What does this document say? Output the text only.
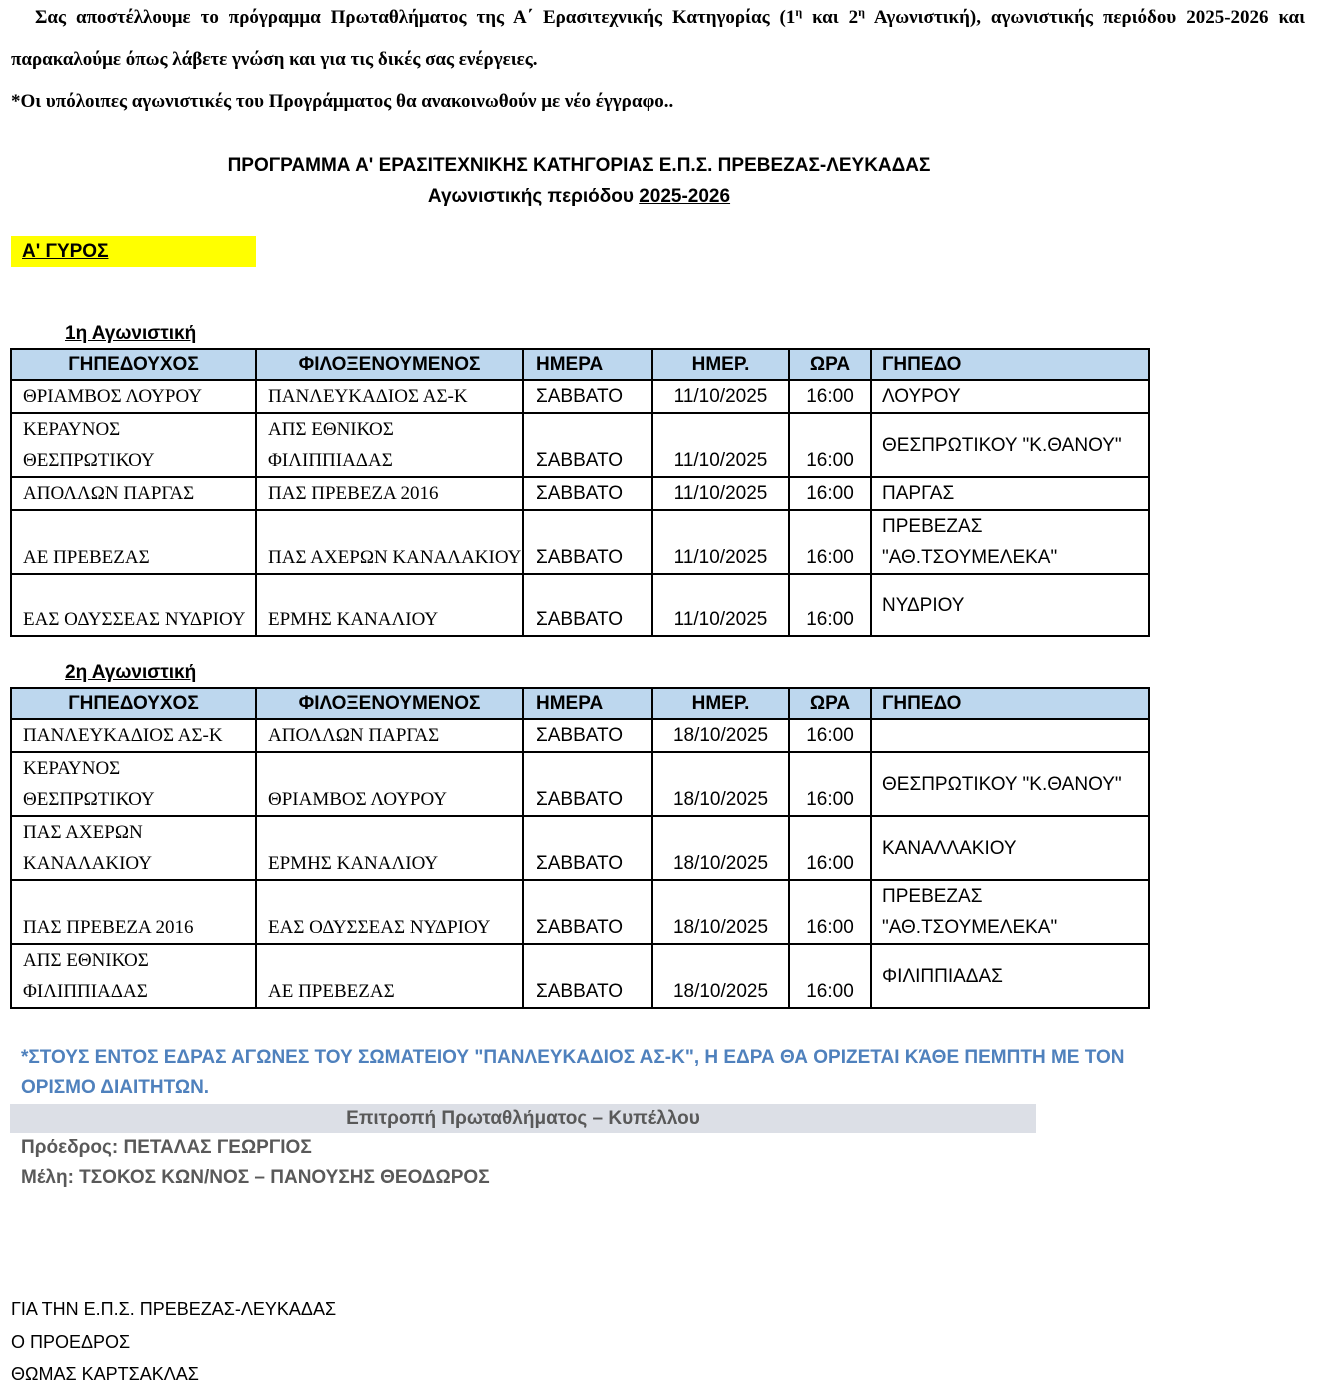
Σας αποστέλλουμε το πρόγραμμα Πρωταθλήματος της Α΄ Ερασιτεχνικής Κατηγορίας ($1^\eta$ και $2^\eta$ Αγωνιστική), αγωνιστικής περιόδου 2025-2026 και παρακαλούμε όπως λάβετε γνώση και για τις δικές σας ενέργειες.

*Οι υπόλοιπες αγωνιστικές του Προγράμματος θα ανακοινωθούν με νέο έγγραφο..

ΠΡΟΓΡΑΜΜΑ Α' ΕΡΑΣΙΤΕΧΝΙΚΗΣ ΚΑΤΗΓΟΡΙΑΣ Ε.Π.Σ. ΠΡΕΒΕΖΑΣ-ΛΕΥΚΑΔΑΣ
Αγωνιστικής περιόδου 2025-2026
Α' ΓΥΡΟΣ
1η Αγωνιστική
ΓΗΠΕΔΟΥΧΟΣ	ΦΙΛΟΞΕΝΟΥΜΕΝΟΣ	ΗΜΕΡΑ	ΗΜΕΡ.	ΩΡΑ	ΓΗΠΕΔΟ
ΘΡΙΑΜΒΟΣ ΛΟΥΡΟΥ	ΠΑΝΛΕΥΚΑΔΙΟΣ ΑΣ-Κ	ΣΑΒΒΑΤΟ	11/10/2025	16:00	ΛΟΥΡΟΥ
ΚΕΡΑΥΝΟΣ ΘΕΣΠΡΩΤΙΚΟΥ	ΑΠΣ ΕΘΝΙΚΟΣ ΦΙΛΙΠΠΙΑΔΑΣ	ΣΑΒΒΑΤΟ	11/10/2025	16:00	ΘΕΣΠΡΩΤΙΚΟΥ "Κ.ΘΑΝΟΥ"
ΑΠΟΛΛΩΝ ΠΑΡΓΑΣ	ΠΑΣ ΠΡΕΒΕΖΑ 2016	ΣΑΒΒΑΤΟ	11/10/2025	16:00	ΠΑΡΓΑΣ
ΑΕ ΠΡΕΒΕΖΑΣ	ΠΑΣ ΑΧΕΡΩΝ ΚΑΝΑΛΑΚΙΟΥ	ΣΑΒΒΑΤΟ	11/10/2025	16:00	ΠΡΕΒΕΖΑΣ "ΑΘ.ΤΣΟΥΜΕΛΕΚΑ"
ΕΑΣ ΟΔΥΣΣΕΑΣ ΝΥΔΡΙΟΥ	ΕΡΜΗΣ ΚΑΝΑΛΙΟΥ	ΣΑΒΒΑΤΟ	11/10/2025	16:00	ΝΥΔΡΙΟΥ
2η Αγωνιστική
ΓΗΠΕΔΟΥΧΟΣ	ΦΙΛΟΞΕΝΟΥΜΕΝΟΣ	ΗΜΕΡΑ	ΗΜΕΡ.	ΩΡΑ	ΓΗΠΕΔΟ
ΠΑΝΛΕΥΚΑΔΙΟΣ ΑΣ-Κ	ΑΠΟΛΛΩΝ ΠΑΡΓΑΣ	ΣΑΒΒΑΤΟ	18/10/2025	16:00	
ΚΕΡΑΥΝΟΣ ΘΕΣΠΡΩΤΙΚΟΥ	ΘΡΙΑΜΒΟΣ ΛΟΥΡΟΥ	ΣΑΒΒΑΤΟ	18/10/2025	16:00	ΘΕΣΠΡΩΤΙΚΟΥ "Κ.ΘΑΝΟΥ"
ΠΑΣ ΑΧΕΡΩΝ ΚΑΝΑΛΑΚΙΟΥ	ΕΡΜΗΣ ΚΑΝΑΛΙΟΥ	ΣΑΒΒΑΤΟ	18/10/2025	16:00	ΚΑΝΑΛΛΑΚΙΟΥ
ΠΑΣ ΠΡΕΒΕΖΑ 2016	ΕΑΣ ΟΔΥΣΣΕΑΣ ΝΥΔΡΙΟΥ	ΣΑΒΒΑΤΟ	18/10/2025	16:00	ΠΡΕΒΕΖΑΣ "ΑΘ.ΤΣΟΥΜΕΛΕΚΑ"
ΑΠΣ ΕΘΝΙΚΟΣ ΦΙΛΙΠΠΙΑΔΑΣ	ΑΕ ΠΡΕΒΕΖΑΣ	ΣΑΒΒΑΤΟ	18/10/2025	16:00	ΦΙΛΙΠΠΙΑΔΑΣ
*ΣΤΟΥΣ ΕΝΤΟΣ ΕΔΡΑΣ ΑΓΩΝΕΣ ΤΟΥ ΣΩΜΑΤΕΙΟΥ "ΠΑΝΛΕΥΚΑΔΙΟΣ ΑΣ-Κ", Η ΕΔΡΑ ΘΑ ΟΡΙΖΕΤΑΙ ΚΆΘΕ ΠΕΜΠΤΗ ΜΕ ΤΟΝ ΟΡΙΣΜΟ ΔΙΑΙΤΗΤΩΝ.
Επιτροπή Πρωταθλήματος – Κυπέλλου
Πρόεδρος: ΠΕΤΑΛΑΣ ΓΕΩΡΓΙΟΣ
Μέλη: ΤΣΟΚΟΣ ΚΩΝ/ΝΟΣ – ΠΑΝΟΥΣΗΣ ΘΕΟΔΩΡΟΣ
ΓΙΑ ΤΗΝ Ε.Π.Σ. ΠΡΕΒΕΖΑΣ-ΛΕΥΚΑΔΑΣ
Ο ΠΡΟΕΔΡΟΣ
ΘΩΜΑΣ ΚΑΡΤΣΑΚΛΑΣ
